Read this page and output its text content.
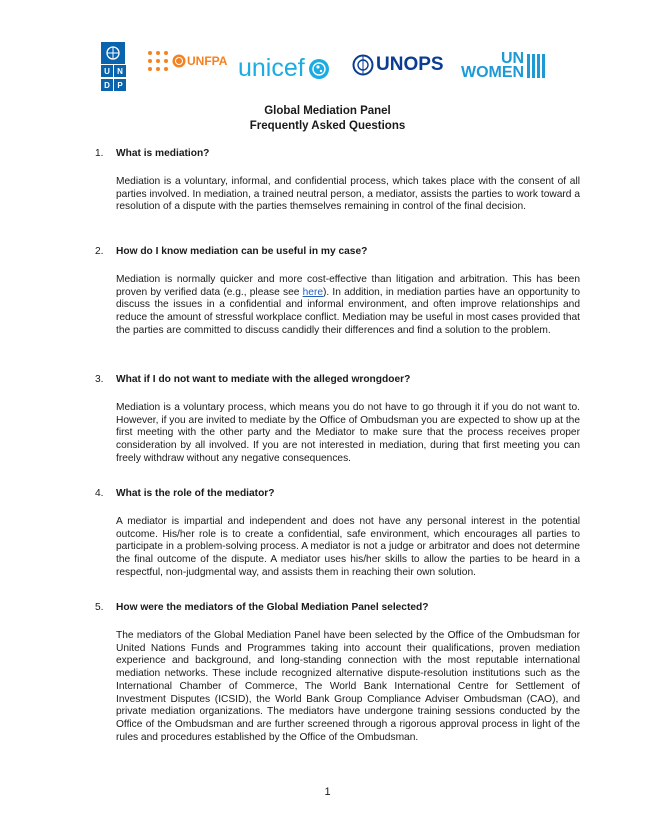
U N
D P
UNFPA unicef	UNOPS	UN
WOMEN
Global Mediation Panel
Frequently Asked Questions
1. What is mediation?
Mediation is a voluntary, informal, and confidential process, which takes place with the consent of all parties involved. In mediation, a trained neutral person, a mediator, assists the parties to work toward a resolution of a dispute with the parties themselves remaining in control of the final decision.
2. How do I know mediation can be useful in my case?
Mediation is normally quicker and more cost-effective than litigation and arbitration. This has been proven by verified data (e.g., please see here). In addition, in mediation parties have an opportunity to discuss the issues in a confidential and informal environment, and often improve relationships and reduce the amount of stressful workplace conflict. Mediation may be useful in most cases provided that the parties are committed to discuss candidly their differences and find a solution to the problem.
3. What if I do not want to mediate with the alleged wrongdoer?
Mediation is a voluntary process, which means you do not have to go through it if you do not want to. However, if you are invited to mediate by the Office of Ombudsman you are expected to show up at the first meeting with the other party and the Mediator to make sure that the process receives proper consideration by all involved. If you are not interested in mediation, during that first meeting you can freely withdraw without any negative consequences.
4. What is the role of the mediator?
A mediator is impartial and independent and does not have any personal interest in the potential outcome. His/her role is to create a confidential, safe environment, which encourages all parties to participate in a problem-solving process. A mediator is not a judge or arbitrator and does not determine the final outcome of the dispute. A mediator uses his/her skills to allow the parties to be heard in a respectful, non-judgmental way, and assists them in reaching their own solution.
5. How were the mediators of the Global Mediation Panel selected?
The mediators of the Global Mediation Panel have been selected by the Office of the Ombudsman for United Nations Funds and Programmes taking into account their qualifications, proven mediation experience and background, and long-standing connection with the most reputable international mediation networks. These include recognized alternative dispute-resolution institutions such as the International Chamber of Commerce, The World Bank International Centre for Settlement of Investment Disputes (ICSID), the World Bank Group Compliance Adviser Ombudsman (CAO), and private mediation organizations. The mediators have undergone training sessions conducted by the Office of the Ombudsman and are further screened through a rigorous approval process in light of the rules and procedures established by the Office of the Ombudsman.
1
